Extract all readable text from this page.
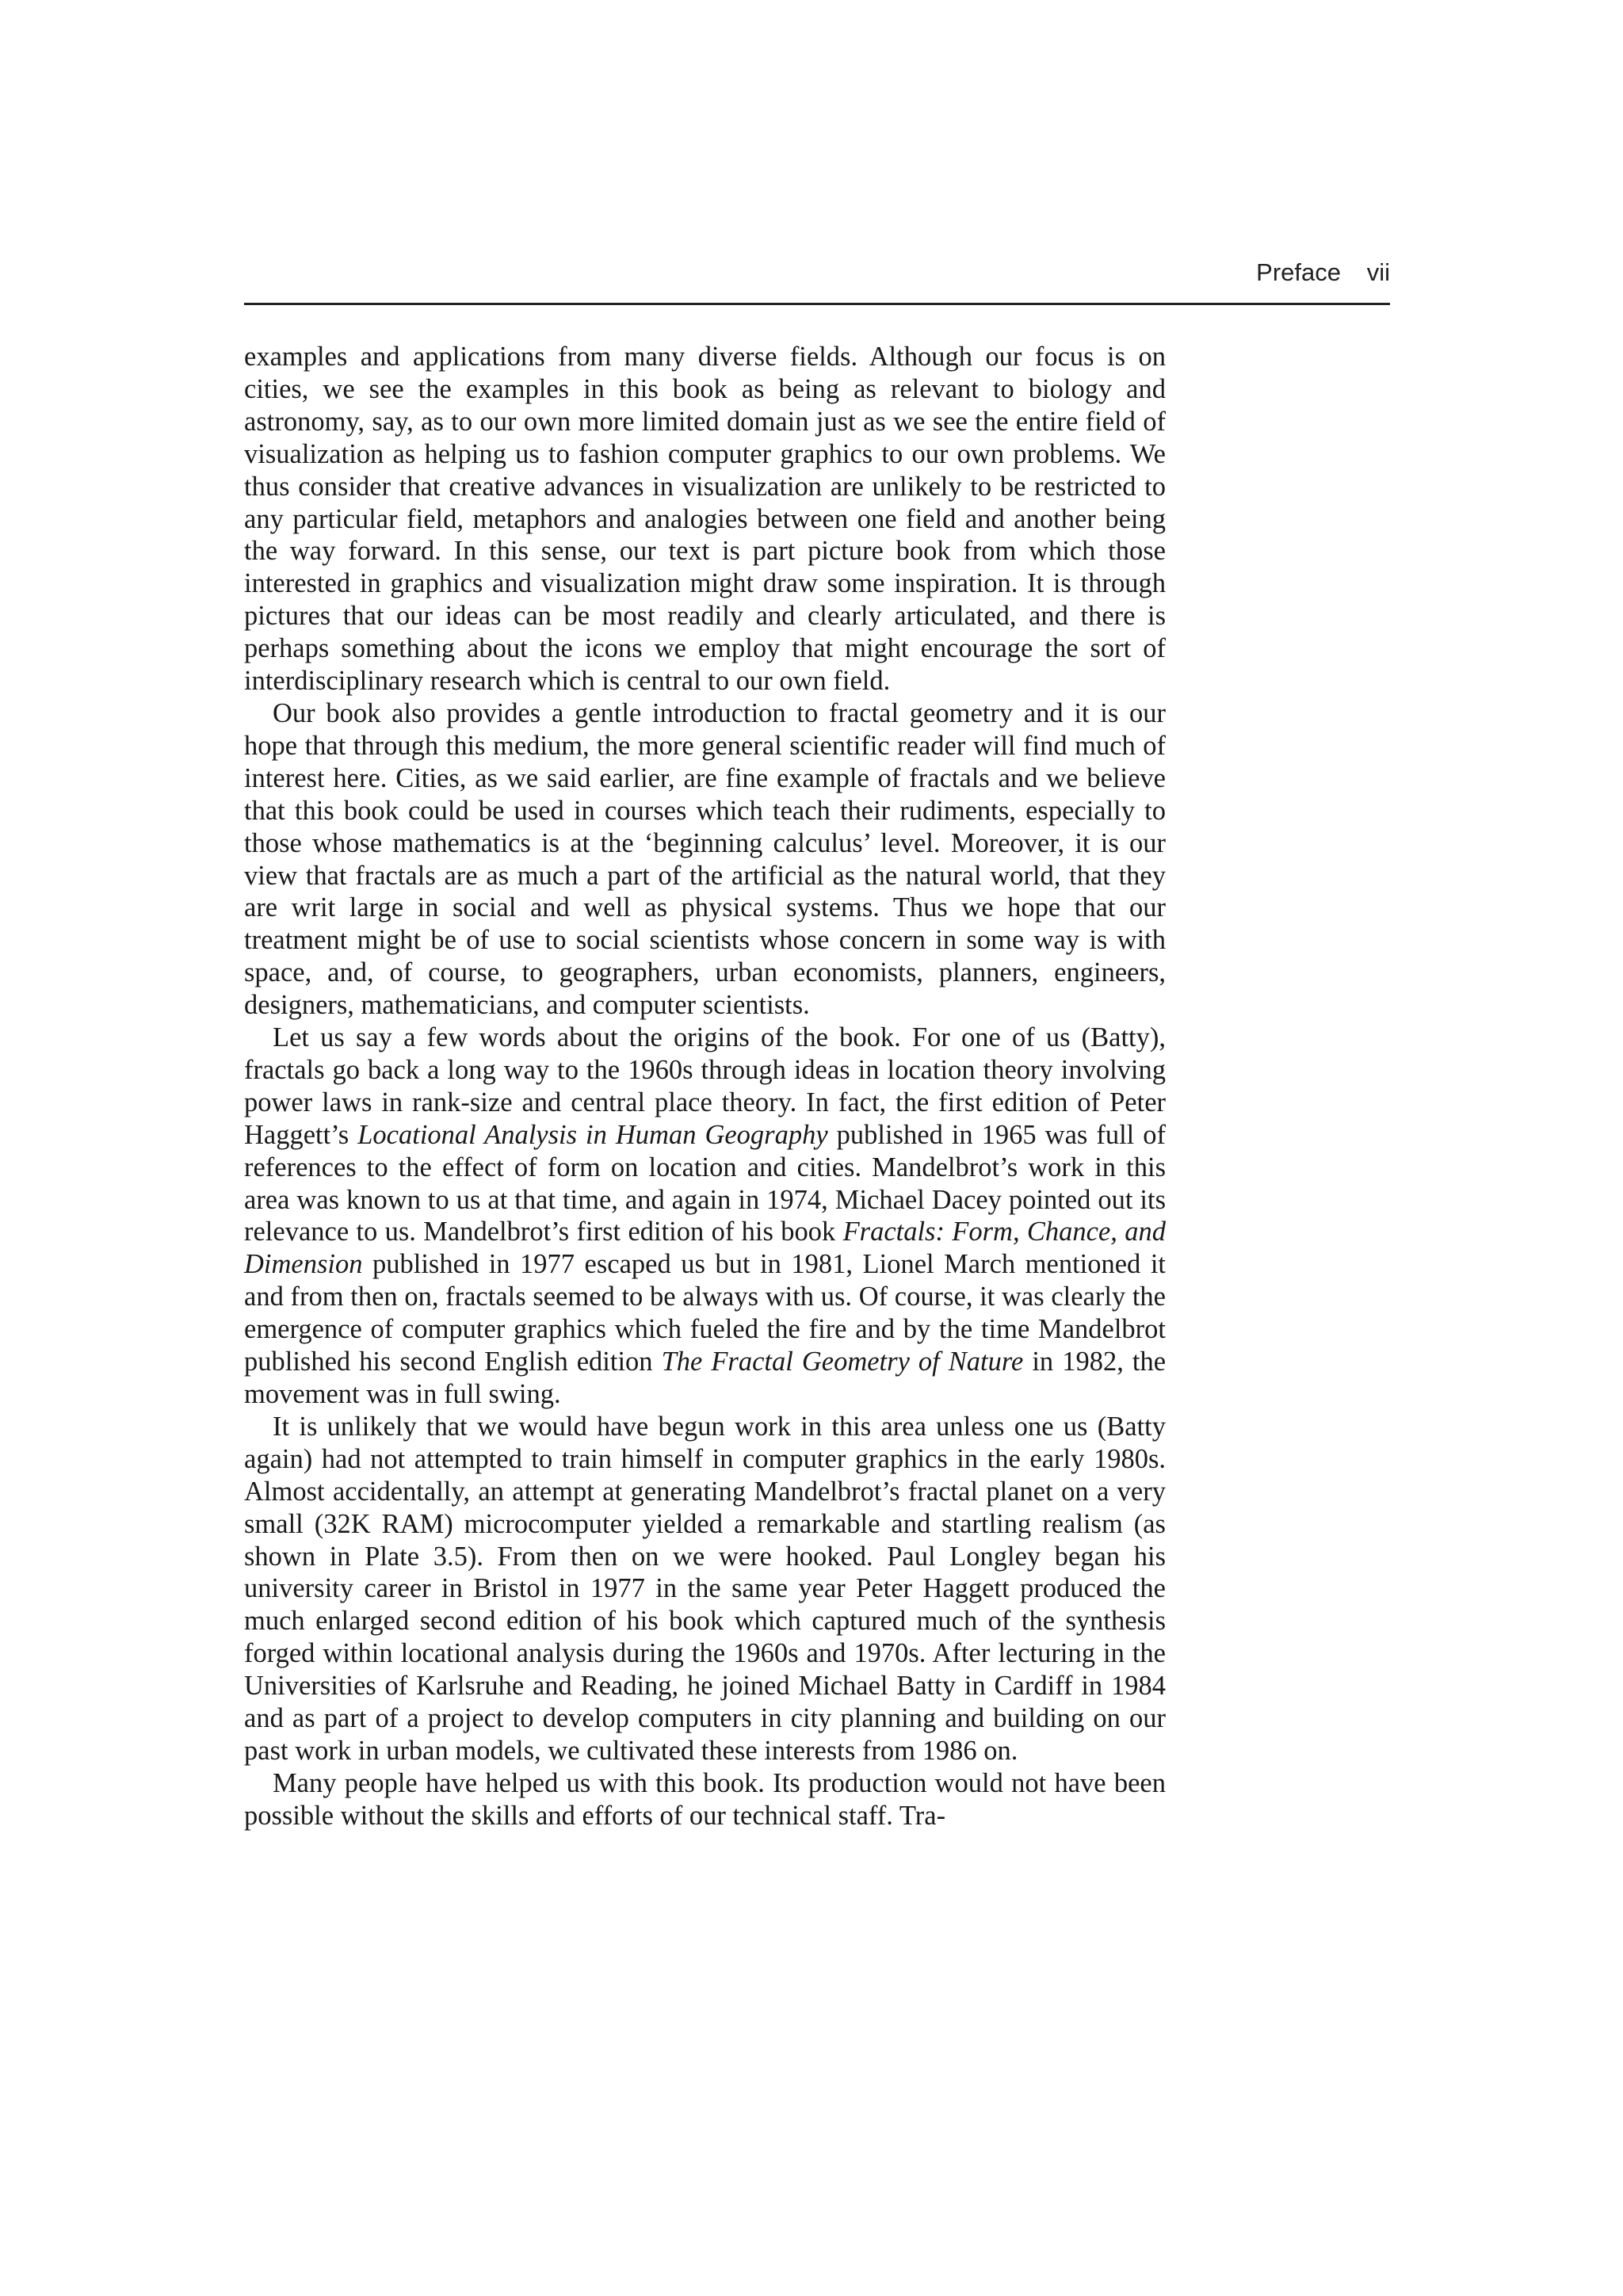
Preface vii

examples and applications from many diverse fields. Although our focus is on cities, we see the examples in this book as being as relevant to biology and astronomy, say, as to our own more limited domain just as we see the entire field of visualization as helping us to fashion computer graphics to our own problems. We thus consider that creative advances in visualization are unlikely to be restricted to any particular field, metaphors and analogies between one field and another being the way forward. In this sense, our text is part picture book from which those interested in graphics and visualization might draw some inspiration. It is through pictures that our ideas can be most readily and clearly articulated, and there is perhaps something about the icons we employ that might encourage the sort of interdisciplinary research which is central to our own field.

Our book also provides a gentle introduction to fractal geometry and it is our hope that through this medium, the more general scientific reader will find much of interest here. Cities, as we said earlier, are fine example of fractals and we believe that this book could be used in courses which teach their rudiments, especially to those whose mathematics is at the ‘beginning calculus’ level. Moreover, it is our view that fractals are as much a part of the artificial as the natural world, that they are writ large in social and well as physical systems. Thus we hope that our treatment might be of use to social scientists whose concern in some way is with space, and, of course, to geographers, urban economists, planners, engineers, designers, mathematicians, and computer scientists.

Let us say a few words about the origins of the book. For one of us (Batty), fractals go back a long way to the 1960s through ideas in location theory involving power laws in rank-size and central place theory. In fact, the first edition of Peter Haggett’s Locational Analysis in Human Geography published in 1965 was full of references to the effect of form on location and cities. Mandelbrot’s work in this area was known to us at that time, and again in 1974, Michael Dacey pointed out its relevance to us. Mandelbrot’s first edition of his book Fractals: Form, Chance, and Dimension published in 1977 escaped us but in 1981, Lionel March mentioned it and from then on, fractals seemed to be always with us. Of course, it was clearly the emergence of computer graphics which fueled the fire and by the time Mandelbrot published his second English edition The Fractal Geometry of Nature in 1982, the movement was in full swing.

It is unlikely that we would have begun work in this area unless one us (Batty again) had not attempted to train himself in computer graphics in the early 1980s. Almost accidentally, an attempt at generating Mandelbrot’s fractal planet on a very small (32K RAM) microcomputer yielded a remarkable and startling realism (as shown in Plate 3.5). From then on we were hooked. Paul Longley began his university career in Bristol in 1977 in the same year Peter Haggett produced the much enlarged second edition of his book which captured much of the synthesis forged within locational analysis during the 1960s and 1970s. After lecturing in the Universities of Karlsruhe and Reading, he joined Michael Batty in Cardiff in 1984 and as part of a project to develop computers in city planning and building on our past work in urban models, we cultivated these interests from 1986 on.

Many people have helped us with this book. Its production would not have been possible without the skills and efforts of our technical staff. Tra-
